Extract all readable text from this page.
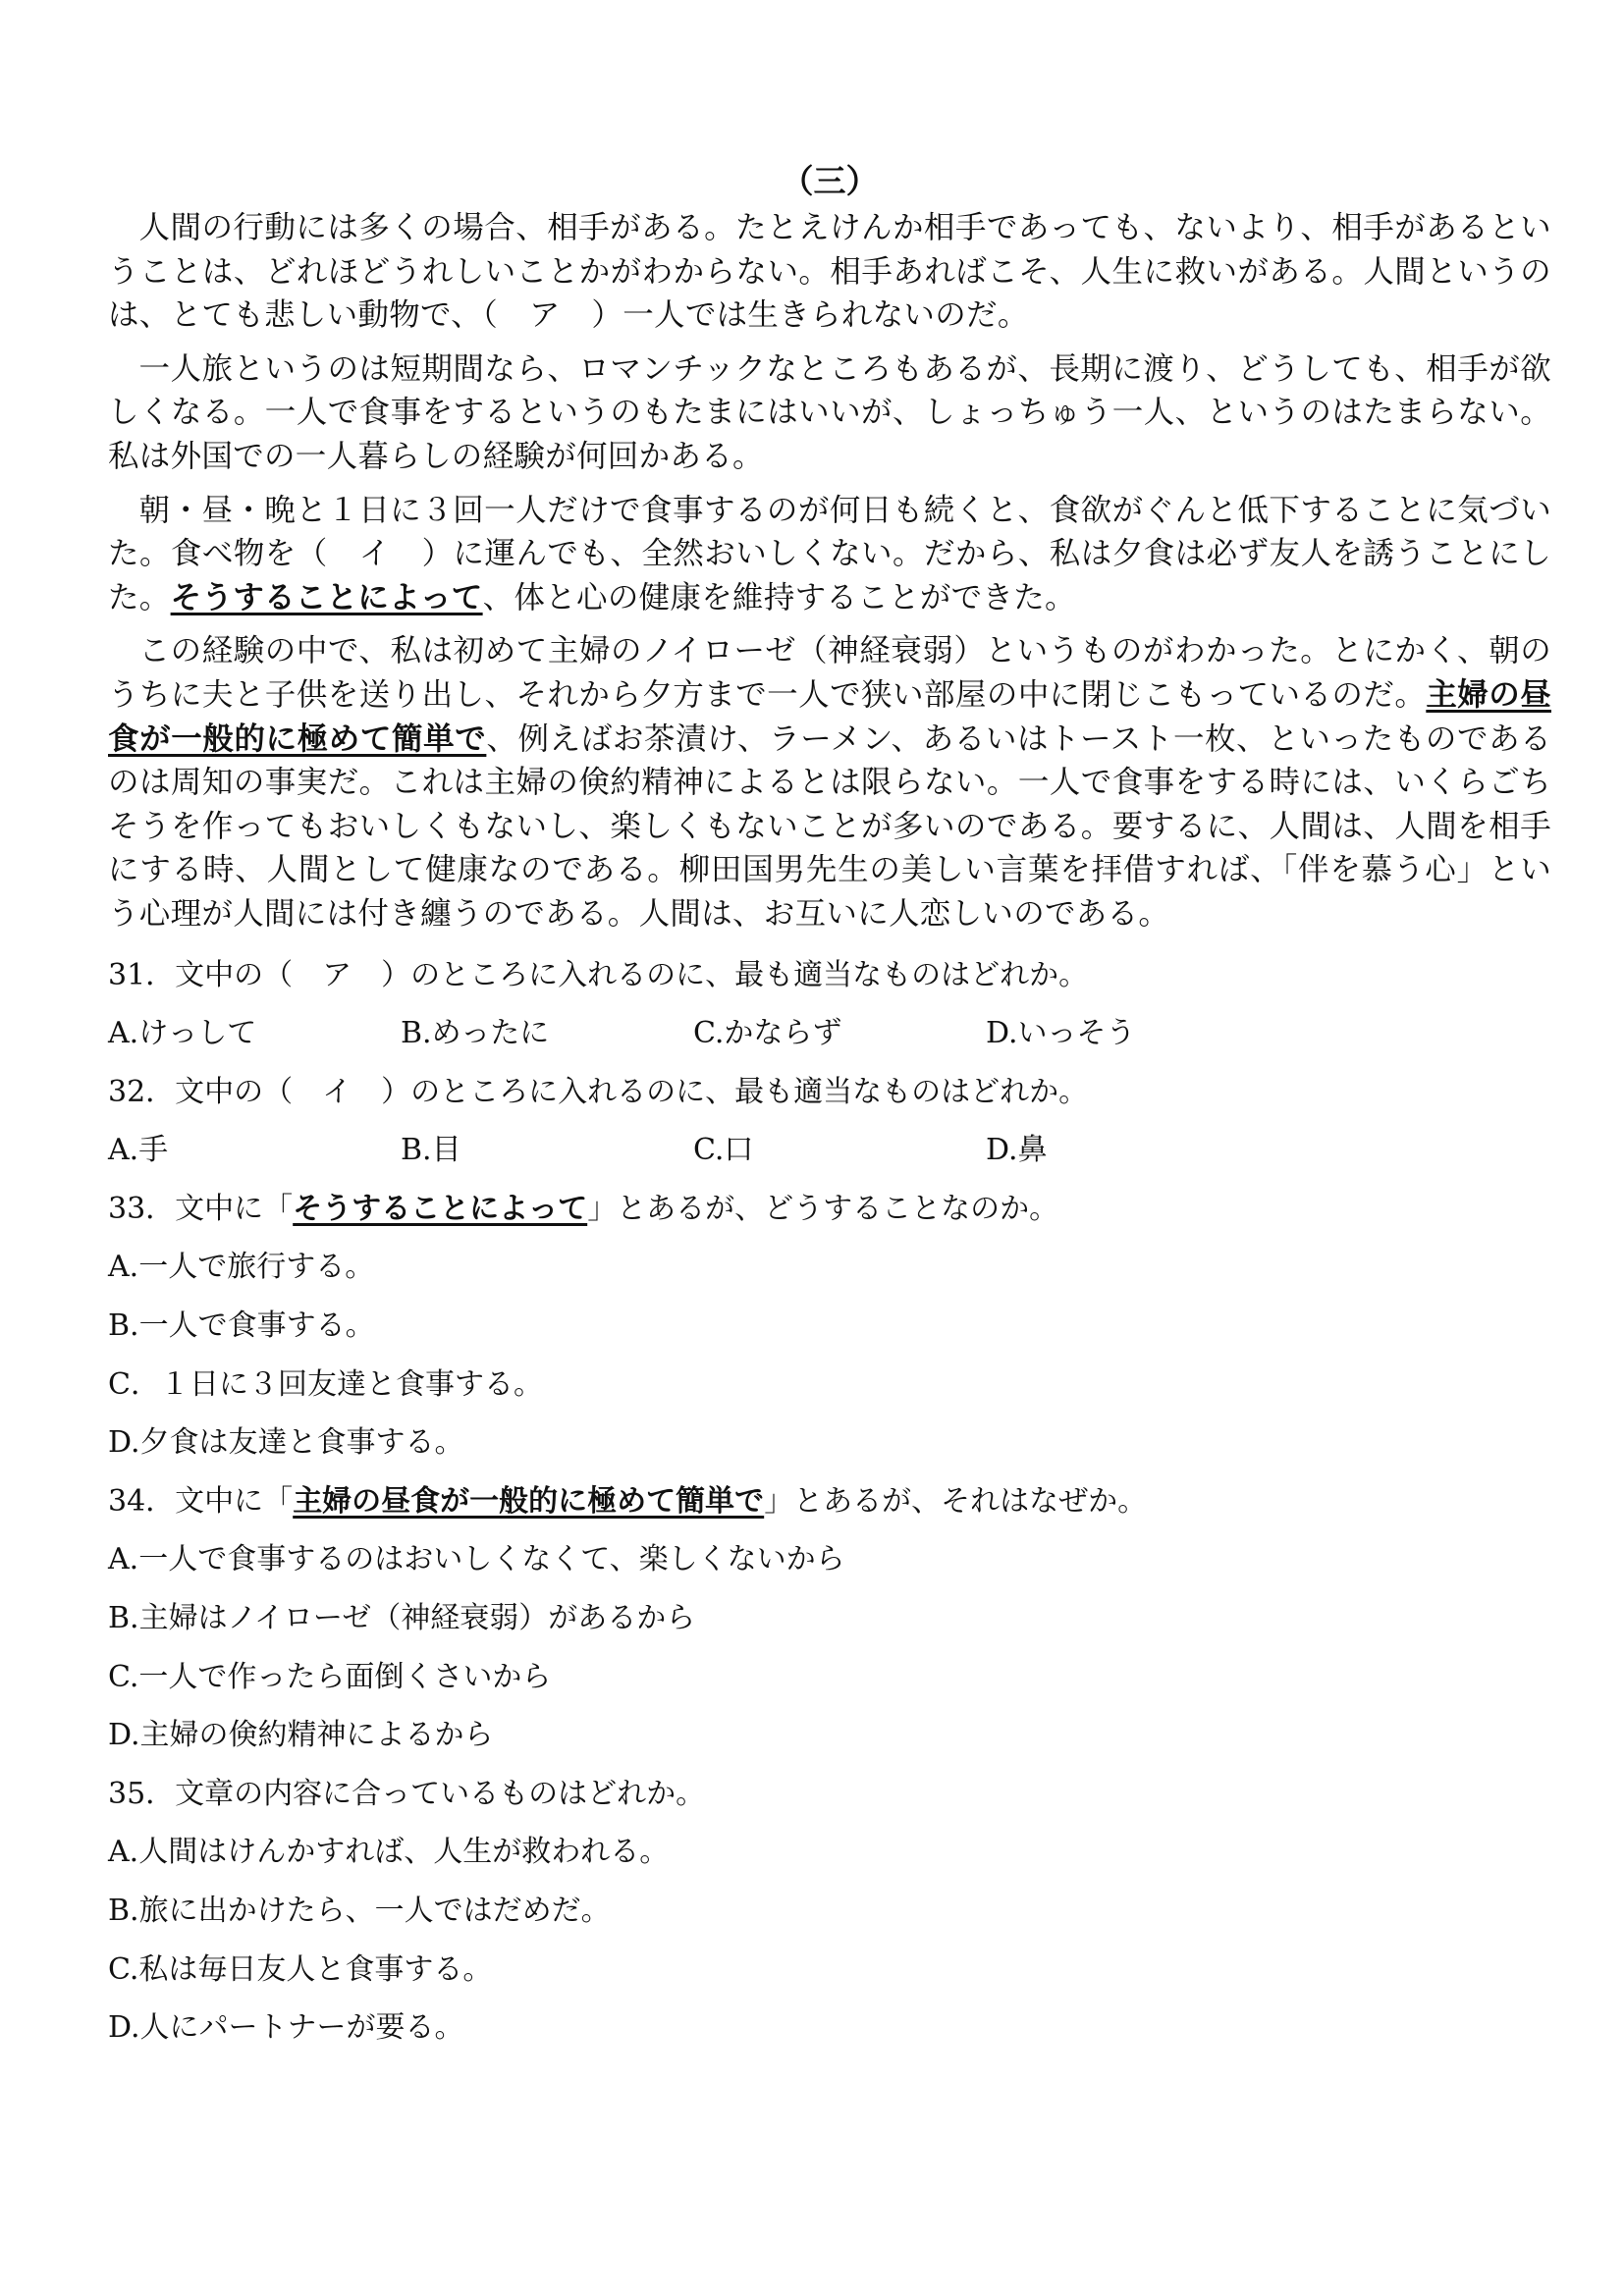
（三）

人間の行動には多くの場合、相手がある。たとえけんか相手であっても、ないより、相手があるということは、どれほどうれしいことかがわからない。相手あればこそ、人生に救いがある。人間というのは、とても悲しい動物で、（　ア　）一人では生きられないのだ。

一人旅というのは短期間なら、ロマンチックなところもあるが、長期に渡り、どうしても、相手が欲しくなる。一人で食事をするというのもたまにはいいが、しょっちゅう一人、というのはたまらない。私は外国での一人暮らしの経験が何回かある。

朝・昼・晩と１日に３回一人だけで食事するのが何日も続くと、食欲がぐんと低下することに気づいた。食べ物を（　イ　）に運んでも、全然おいしくない。だから、私は夕食は必ず友人を誘うことにした。そうすることによって、体と心の健康を維持することができた。

この経験の中で、私は初めて主婦のノイローゼ（神経衰弱）というものがわかった。とにかく、朝のうちに夫と子供を送り出し、それから夕方まで一人で狭い部屋の中に閉じこもっているのだ。主婦の昼食が一般的に極めて簡単で、例えばお茶漬け、ラーメン、あるいはトースト一枚、といったものであるのは周知の事実だ。これは主婦の倹約精神によるとは限らない。一人で食事をする時には、いくらごちそうを作ってもおいしくもないし、楽しくもないことが多いのである。要するに、人間は、人間を相手にする時、人間として健康なのである。柳田国男先生の美しい言葉を拝借すれば、「伴を慕う心」という心理が人間には付き纏うのである。人間は、お互いに人恋しいのである。

31．文中の（　ア　）のところに入れるのに、最も適当なものはどれか。
A.けっして	B.めったに	C.かならず	D.いっそう
32．文中の（　イ　）のところに入れるのに、最も適当なものはどれか。
A.手	B.目	C.口	D.鼻
33．文中に「そうすることによって」とあるが、どうすることなのか。
A.一人で旅行する。
B.一人で食事する。
C．１日に３回友達と食事する。
D.夕食は友達と食事する。
34．文中に「主婦の昼食が一般的に極めて簡単で」とあるが、それはなぜか。
A.一人で食事するのはおいしくなくて、楽しくないから
B.主婦はノイローゼ（神経衰弱）があるから
C.一人で作ったら面倒くさいから
D.主婦の倹約精神によるから
35．文章の内容に合っているものはどれか。
A.人間はけんかすれば、人生が救われる。
B.旅に出かけたら、一人ではだめだ。
C.私は毎日友人と食事する。
D.人にパートナーが要る。
